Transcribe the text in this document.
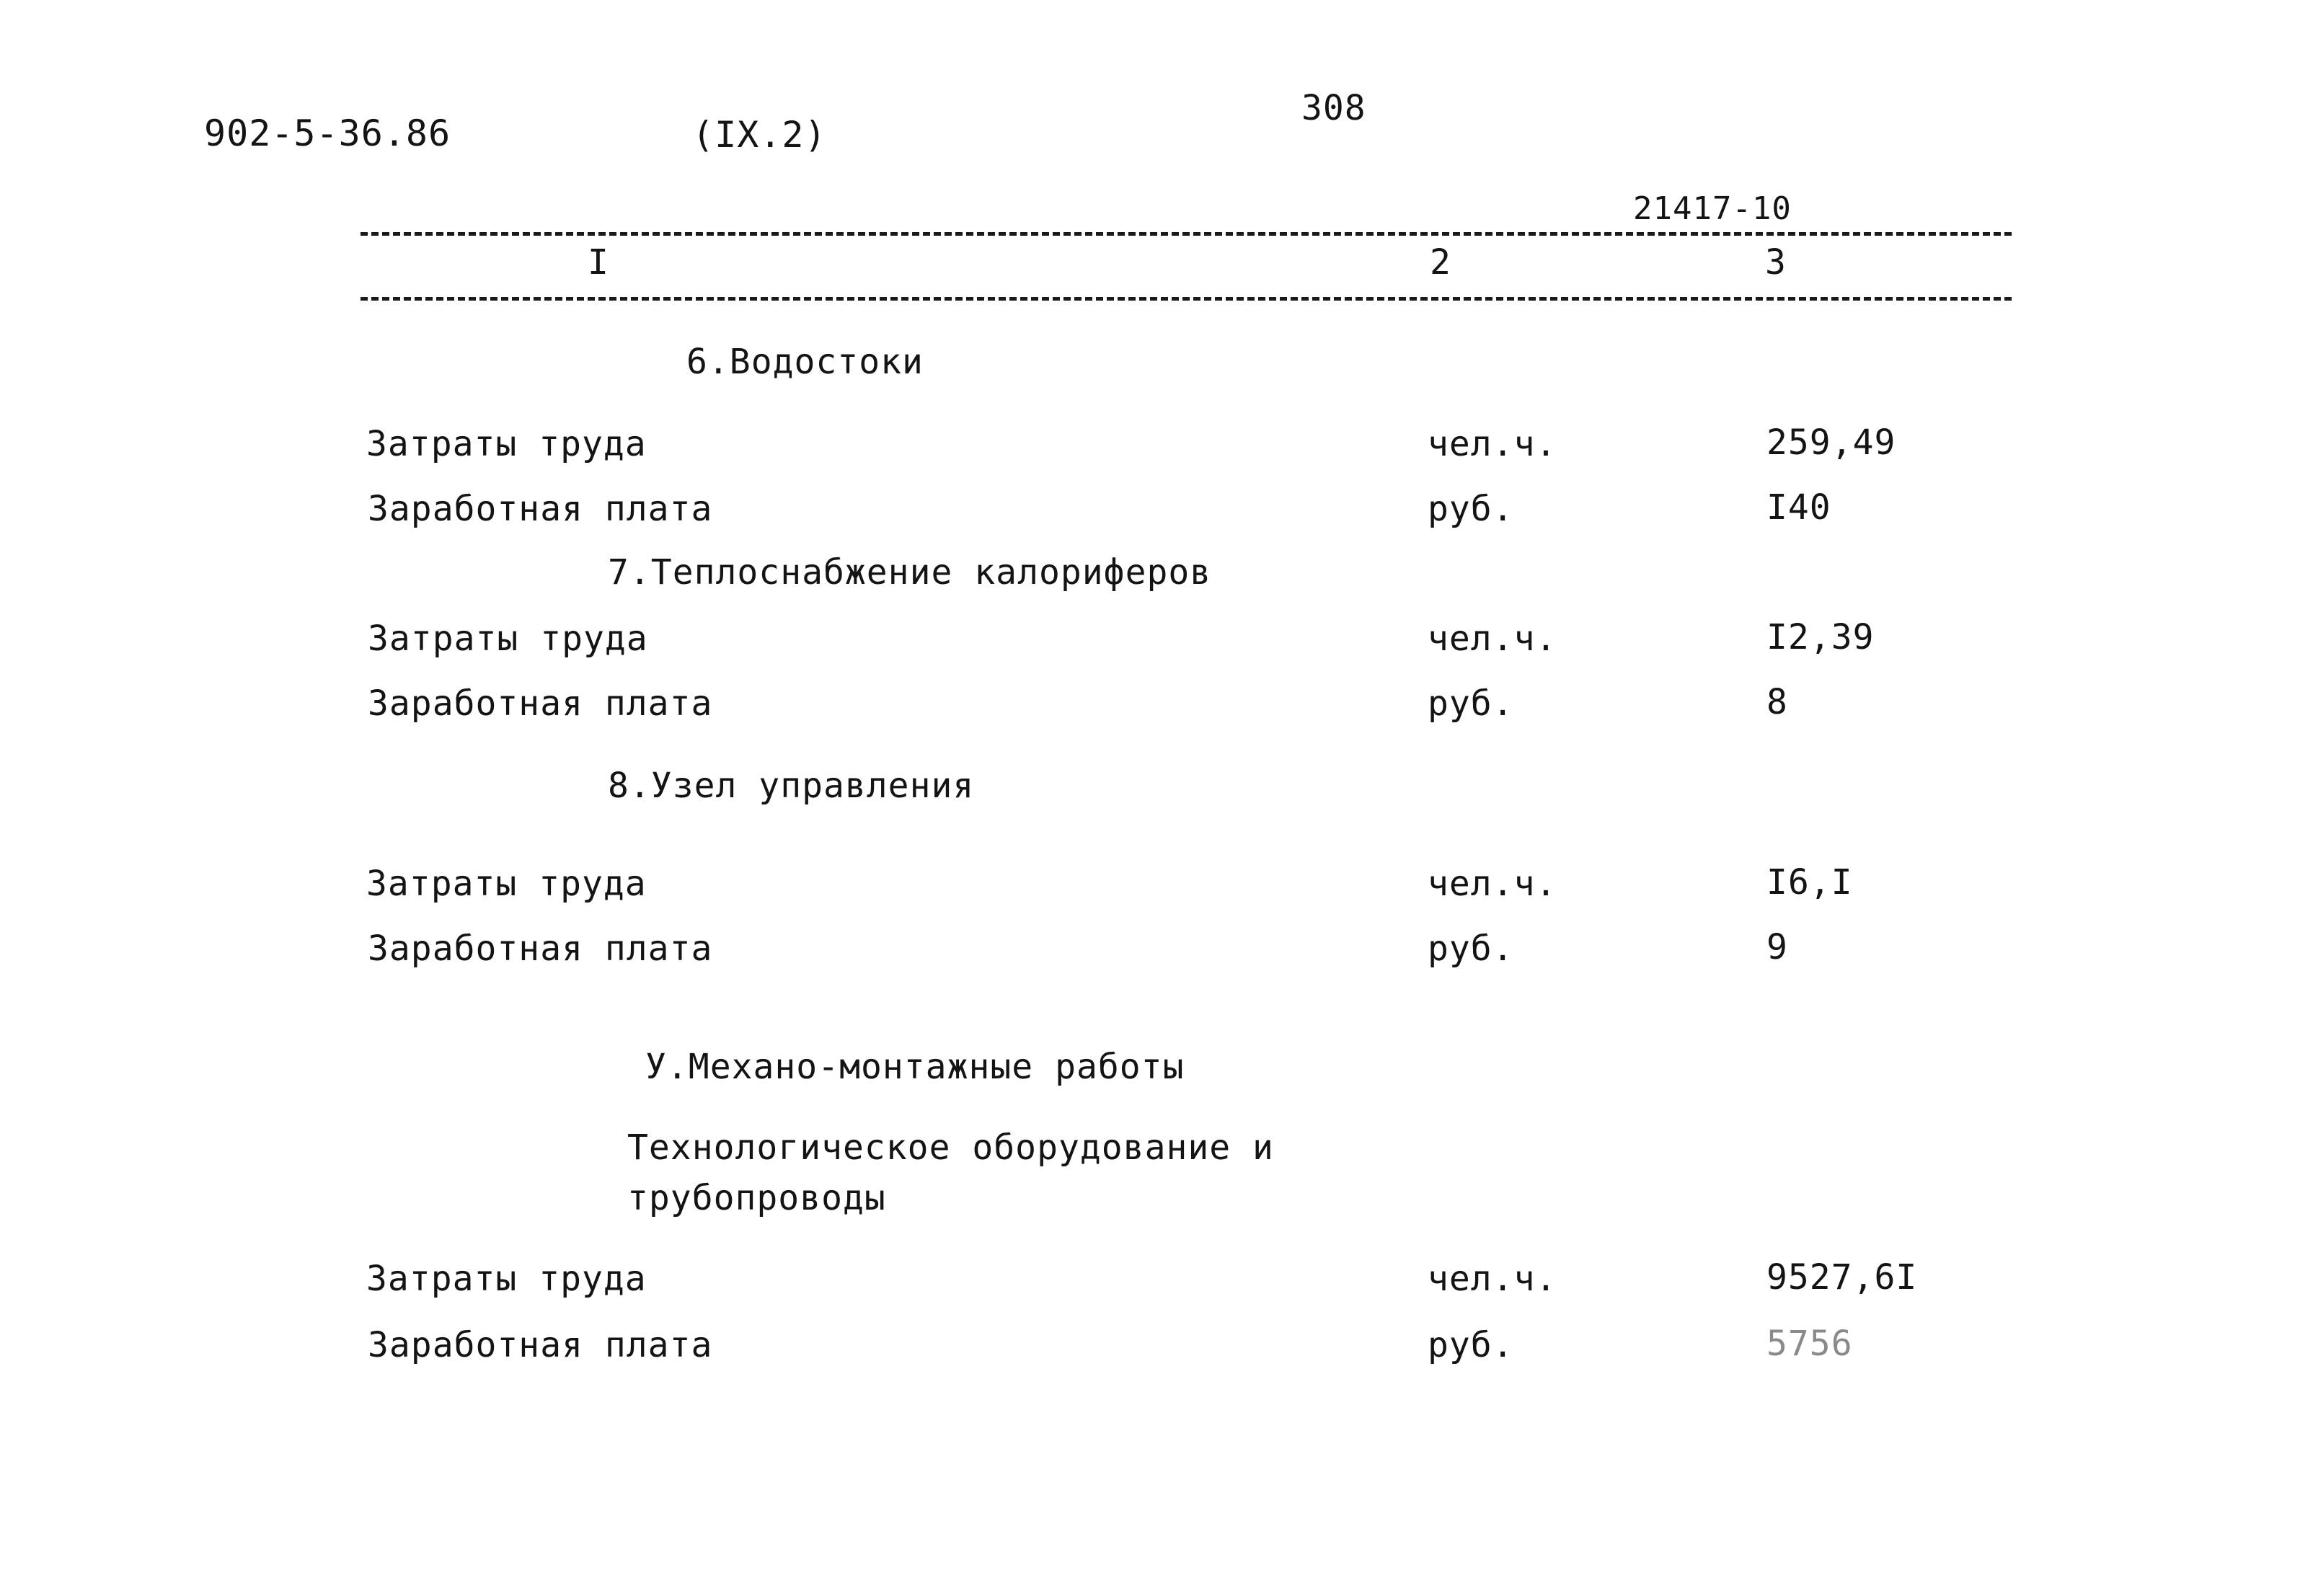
902-5-36.86	(IX.2)
308
21417-10
I	2	3
6.Водостоки
Затраты труда	чел.ч.	259,49
Заработная плата	руб.	I40
7.Теплоснабжение калориферов
Затраты труда	чел.ч.	I2,39
Заработная плата	руб.	8
8.Узел управления
Затраты труда	чел.ч.	I6,I
Заработная плата	руб.	9
У.Механо-монтажные работы
Технологическое оборудование и
трубопроводы
Затраты труда	чел.ч.	9527,6I
Заработная плата	руб.	5756
